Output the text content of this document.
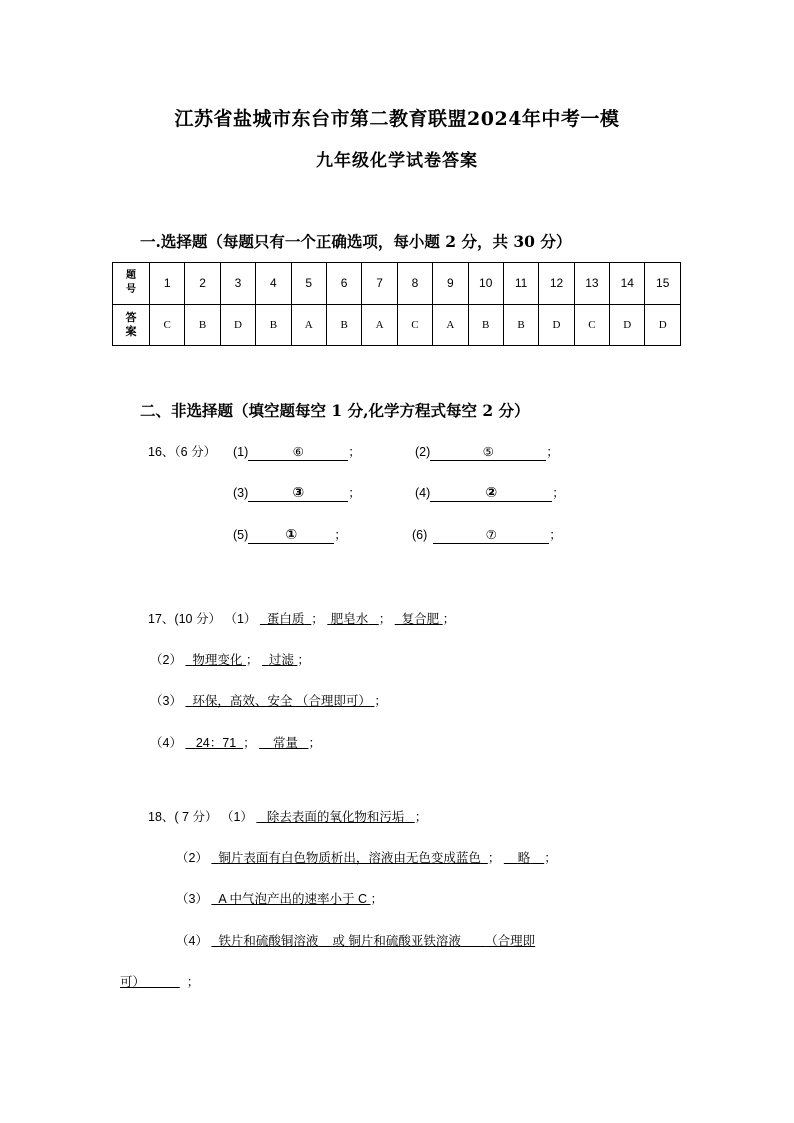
江苏省盐城市东台市第二教育联盟2024年中考一模
九年级化学试卷答案
一.选择题（每题只有一个正确选项，每小题 2 分，共 30 分）
题
号	1	2	3	4	5	6	7	8	9	10	11	12	13	14	15
答
案	C	B	D	B	A	B	A	C	A	B	B	D	C	D	D
二、非选择题（填空题每空 1 分,化学方程式每空 2 分）
16、（6 分） (1)	⑥	；	(2)	⑤	；
(3)	③	；	(4)	②	；
(5)	①	；	(6)	⑦	；
17、(10 分） （1） 蛋白质 ； 肥皂水 ； 复合肥 ；
（2） 物理变化 ； 过滤 ；
（3） 环保，高效、安全 （合理即可） ；
（4） 24：71 ； 常量 ；
18、( 7 分） （1） 除去表面的氧化物和污垢 ；
（2） 铜片表面有白色物质析出，溶液由无色变成蓝色 ； 略 ；
（3） A 中气泡产出的速率小于 C ；
（4） 铁片和硫酸铜溶液 或 铜片和硫酸亚铁溶液 （合理即
可）	；
